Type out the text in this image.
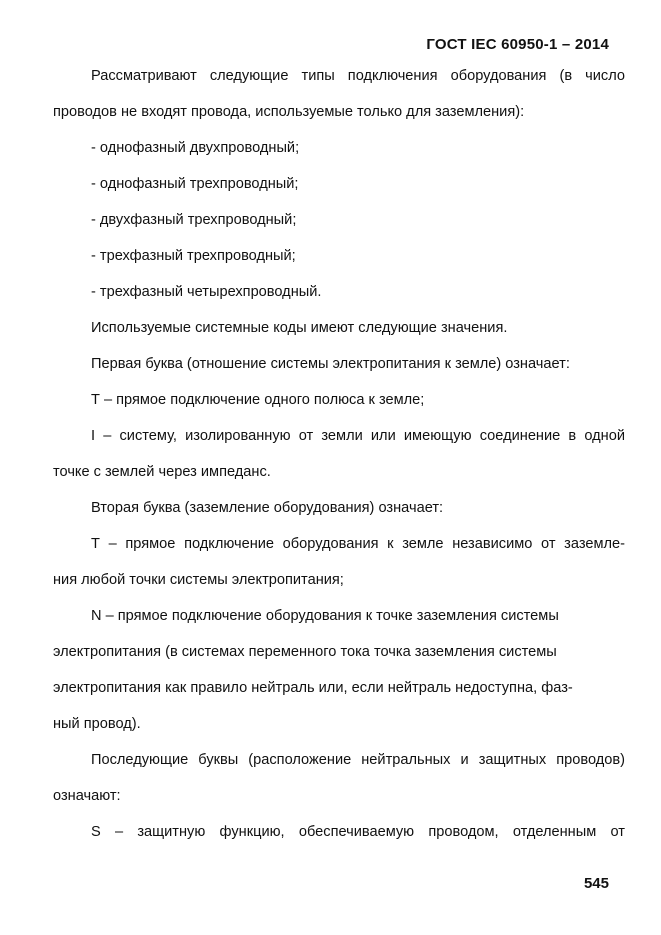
ГОСТ IEC 60950-1 – 2014
Рассматривают следующие типы подключения оборудования (в число
проводов не входят провода, используемые только для заземления):
- однофазный двухпроводный;
- однофазный трехпроводный;
- двухфазный трехпроводный;
- трехфазный трехпроводный;
- трехфазный четырехпроводный.
Используемые системные коды имеют следующие значения.
Первая буква (отношение системы электропитания к земле) означает:
Т – прямое подключение одного полюса к земле;
I – систему, изолированную от земли или имеющую соединение в одной
точке с землей через импеданс.
Вторая буква (заземление оборудования) означает:
Т – прямое подключение оборудования к земле независимо от заземле-
ния любой точки системы электропитания;
N – прямое подключение оборудования к точке заземления системы
электропитания (в системах переменного тока точка заземления системы
электропитания как правило нейтраль или, если нейтраль недоступна, фаз-
ный провод).
Последующие буквы (расположение нейтральных и защитных проводов)
означают:
S – защитную функцию, обеспечиваемую проводом, отделенным от
545
